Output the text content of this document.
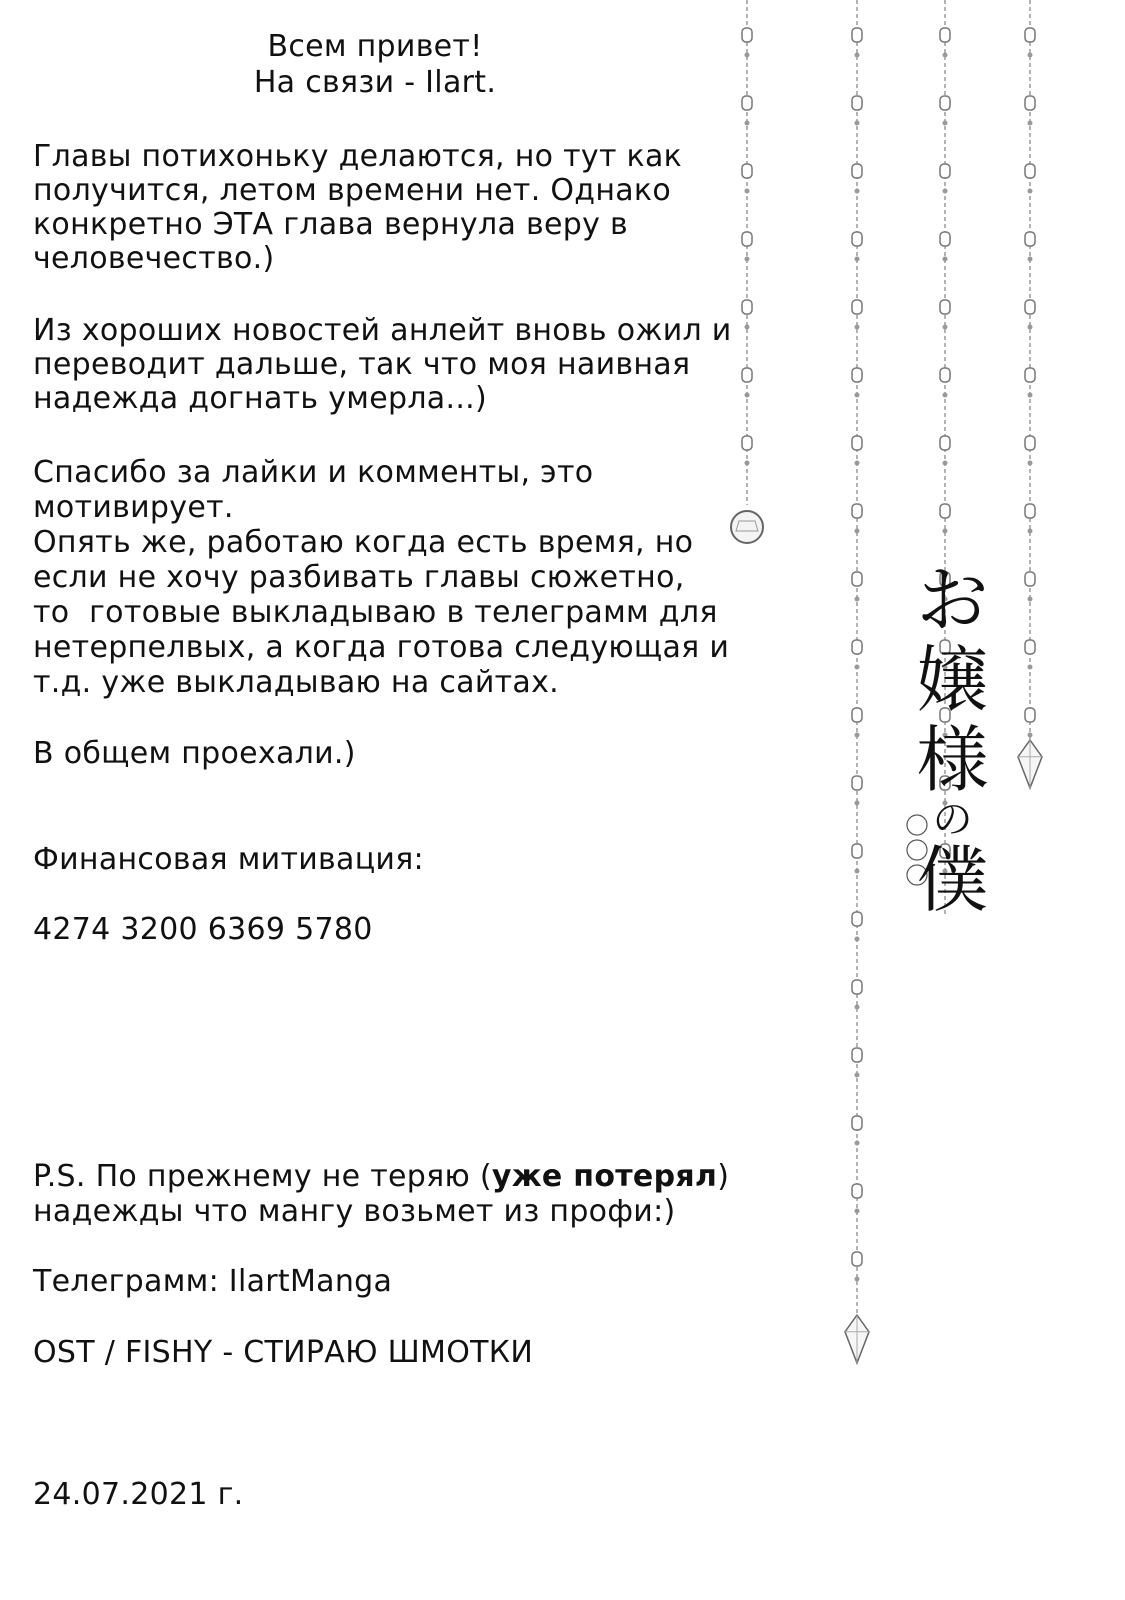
Всем привет!
На связи - Ilart.
Главы потихоньку делаются, но тут как
получится, летом времени нет. Однако
конкретно ЭТА глава вернула веру в
человечество.)
Из хороших новостей анлейт вновь ожил и
переводит дальше, так что моя наивная
надежда догнать умерла...)
Спасибо за лайки и комменты, это
мотивирует.
Опять же, работаю когда есть время, но
если не хочу разбивать главы сюжетно,
то  готовые выкладываю в телеграмм для
нетерпелвых, а когда готова следующая и
т.д. уже выкладываю на сайтах.
В общем проехали.)
Финансовая митивация:
4274 3200 6369 5780
P.S. По прежнему не теряю (уже потерял)
надежды что мангу возьмет из профи:)
Телеграмм: IlartManga
OST / FISHY - СТИРАЮ ШМОТКИ
24.07.2021 г.
お
嬢
様
の
僕
